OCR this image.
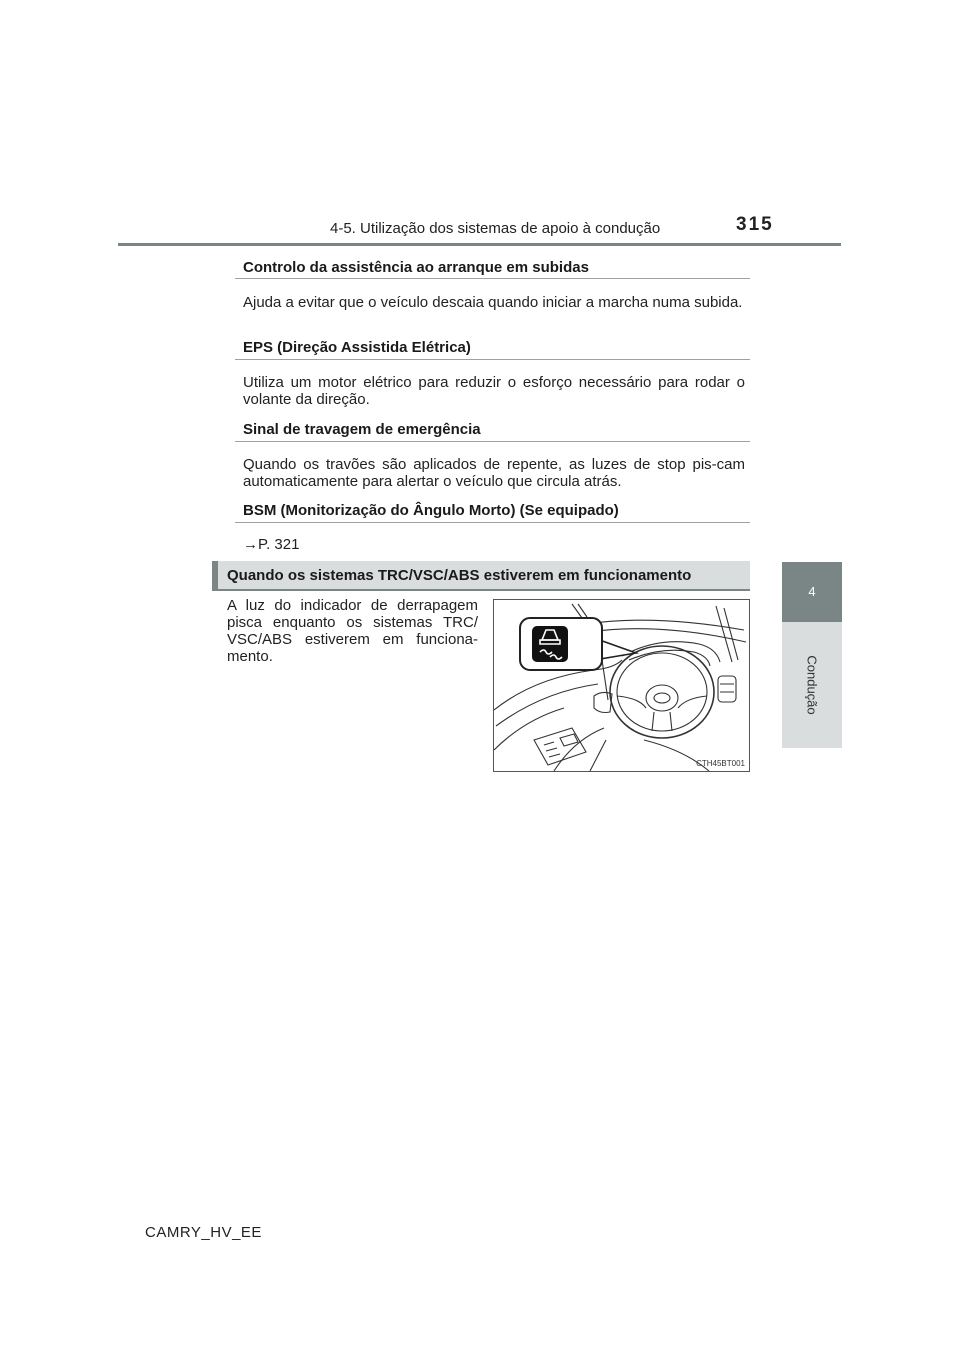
4-5. Utilização dos sistemas de apoio à condução	315
4
Condução
Controlo da assistência ao arranque em subidas
Ajuda a evitar que o veículo descaia quando iniciar a marcha numa subida.
EPS (Direção Assistida Elétrica)
Utiliza um motor elétrico para reduzir o esforço necessário para rodar o volante da direção.
Sinal de travagem de emergência
Quando os travões são aplicados de repente, as luzes de stop pis-cam automaticamente para alertar o veículo que circula atrás.
BSM (Monitorização do Ângulo Morto) (Se equipado)
→P. 321
Quando os sistemas TRC/VSC/ABS estiverem em funcionamento
A luz do indicador de derrapagem pisca enquanto os sistemas TRC/ VSC/ABS estiverem em funciona-mento.
CTH45BT001
CAMRY_HV_EE
